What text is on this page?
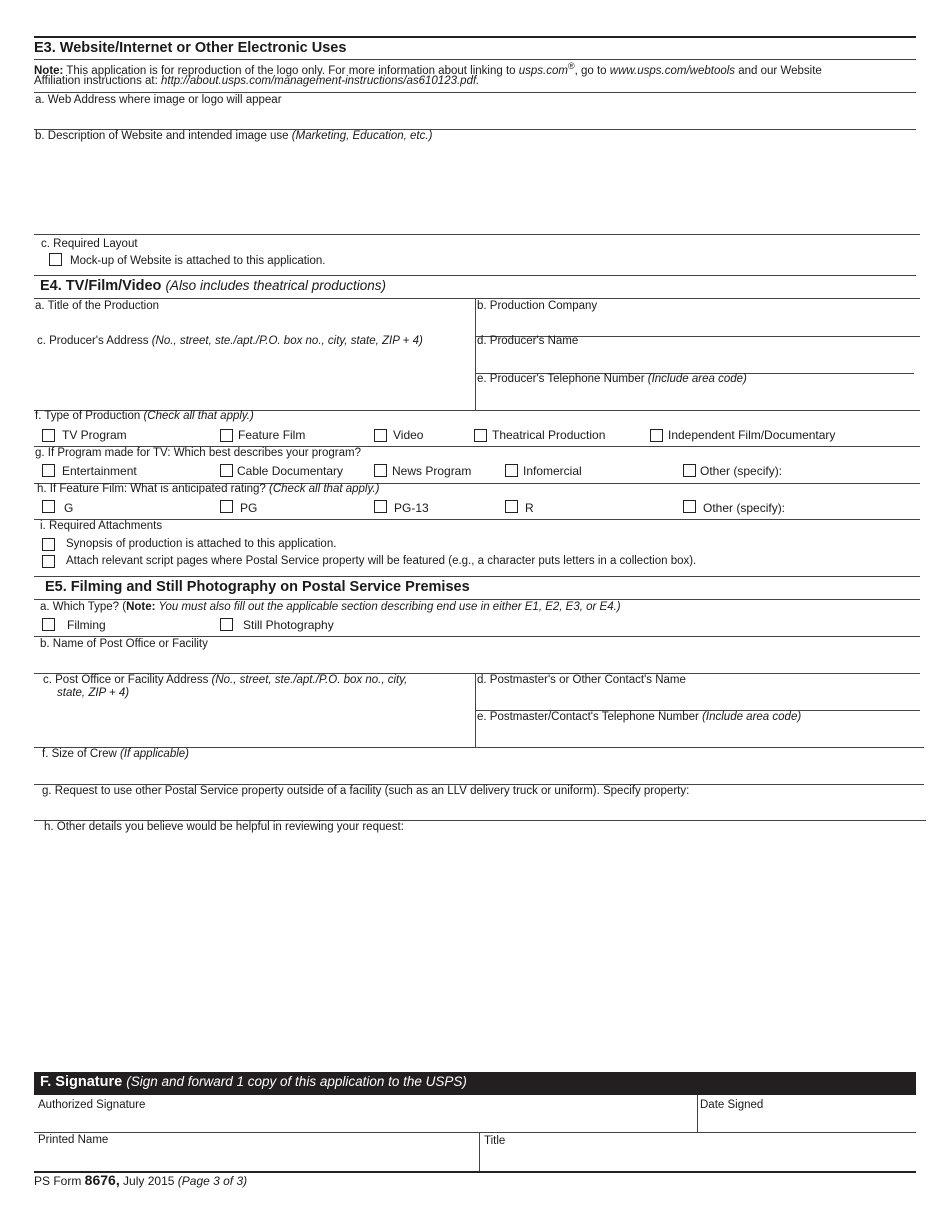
E3. Website/Internet or Other Electronic Uses
Note: This application is for reproduction of the logo only. For more information about linking to usps.com®, go to www.usps.com/webtools and our Website
Affiliation instructions at: http://about.usps.com/management-instructions/as610123.pdf.
a. Web Address where image or logo will appear
b. Description of Website and intended image use (Marketing, Education, etc.)
c. Required Layout
Mock-up of Website is attached to this application.
E4. TV/Film/Video (Also includes theatrical productions)
a. Title of the Production	b. Production Company
c. Producer's Address (No., street, ste./apt./P.O. box no., city, state, ZIP + 4)	d. Producer's Name
e. Producer's Telephone Number (Include area code)
f. Type of Production (Check all that apply.)
TV Program	Feature Film	Video	Theatrical Production	Independent Film/Documentary
g. If Program made for TV: Which best describes your program?
Entertainment	Cable Documentary	News Program	Infomercial	Other (specify):
h. If Feature Film: What is anticipated rating? (Check all that apply.)
G	PG	PG-13	R	Other (specify):
i. Required Attachments
Synopsis of production is attached to this application.
Attach relevant script pages where Postal Service property will be featured (e.g., a character puts letters in a collection box).
E5. Filming and Still Photography on Postal Service Premises
a. Which Type? (Note: You must also fill out the applicable section describing end use in either E1, E2, E3, or E4.)
Filming	Still Photography
b. Name of Post Office or Facility
c. Post Office or Facility Address (No., street, ste./apt./P.O. box no., city,
state, ZIP + 4)
d. Postmaster's or Other Contact's Name
e. Postmaster/Contact's Telephone Number (Include area code)
f. Size of Crew (If applicable)
g. Request to use other Postal Service property outside of a facility (such as an LLV delivery truck or uniform). Specify property:
h. Other details you believe would be helpful in reviewing your request:
F. Signature (Sign and forward 1 copy of this application to the USPS)
Authorized Signature	Date Signed
Printed Name	Title
PS Form 8676, July 2015 (Page 3 of 3)
